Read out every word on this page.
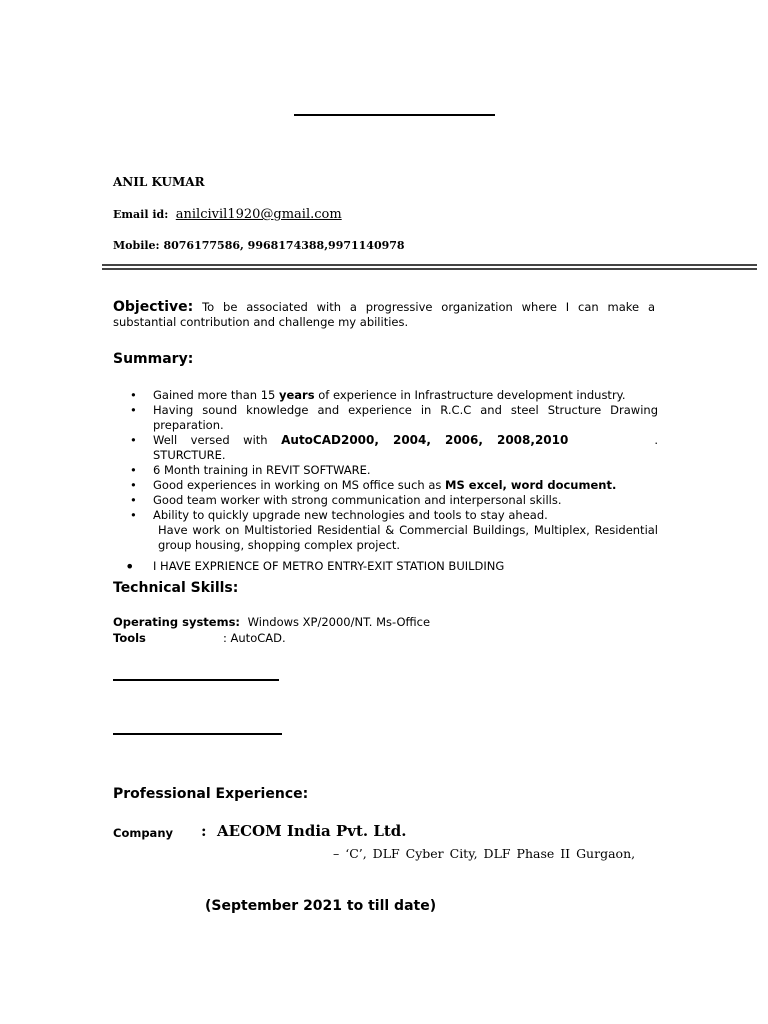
ANIL KUMAR
Email id: anilcivil1920@gmail.com
Mobile: 8076177586, 9968174388,9971140978
Objective: To be associated with a progressive organization where I can make a substantial contribution and challenge my abilities.
Summary:
• Gained more than 15 years of experience in Infrastructure development industry.
• Having sound knowledge and experience in R.C.C and steel Structure Drawing preparation.
• Well versed with AutoCAD2000, 2004, 2006, 2008,2010	. STURCTURE.
• 6 Month training in REVIT SOFTWARE.
• Good experiences in working on MS office such as MS excel, word document.
• Good team worker with strong communication and interpersonal skills.
• Ability to quickly upgrade new technologies and tools to stay ahead.
Have work on Multistoried Residential & Commercial Buildings, Multiplex, Residential group housing, shopping complex project.
• I HAVE EXPRIENCE OF METRO ENTRY-EXIT STATION BUILDING
Technical Skills:
Operating systems: Windows XP/2000/NT. Ms-Office
Tools	: AutoCAD.
Professional Experience:
Company : AECOM India Pvt. Ltd.
– ‘C’, DLF Cyber City, DLF Phase II Gurgaon,
(September 2021 to till date)
